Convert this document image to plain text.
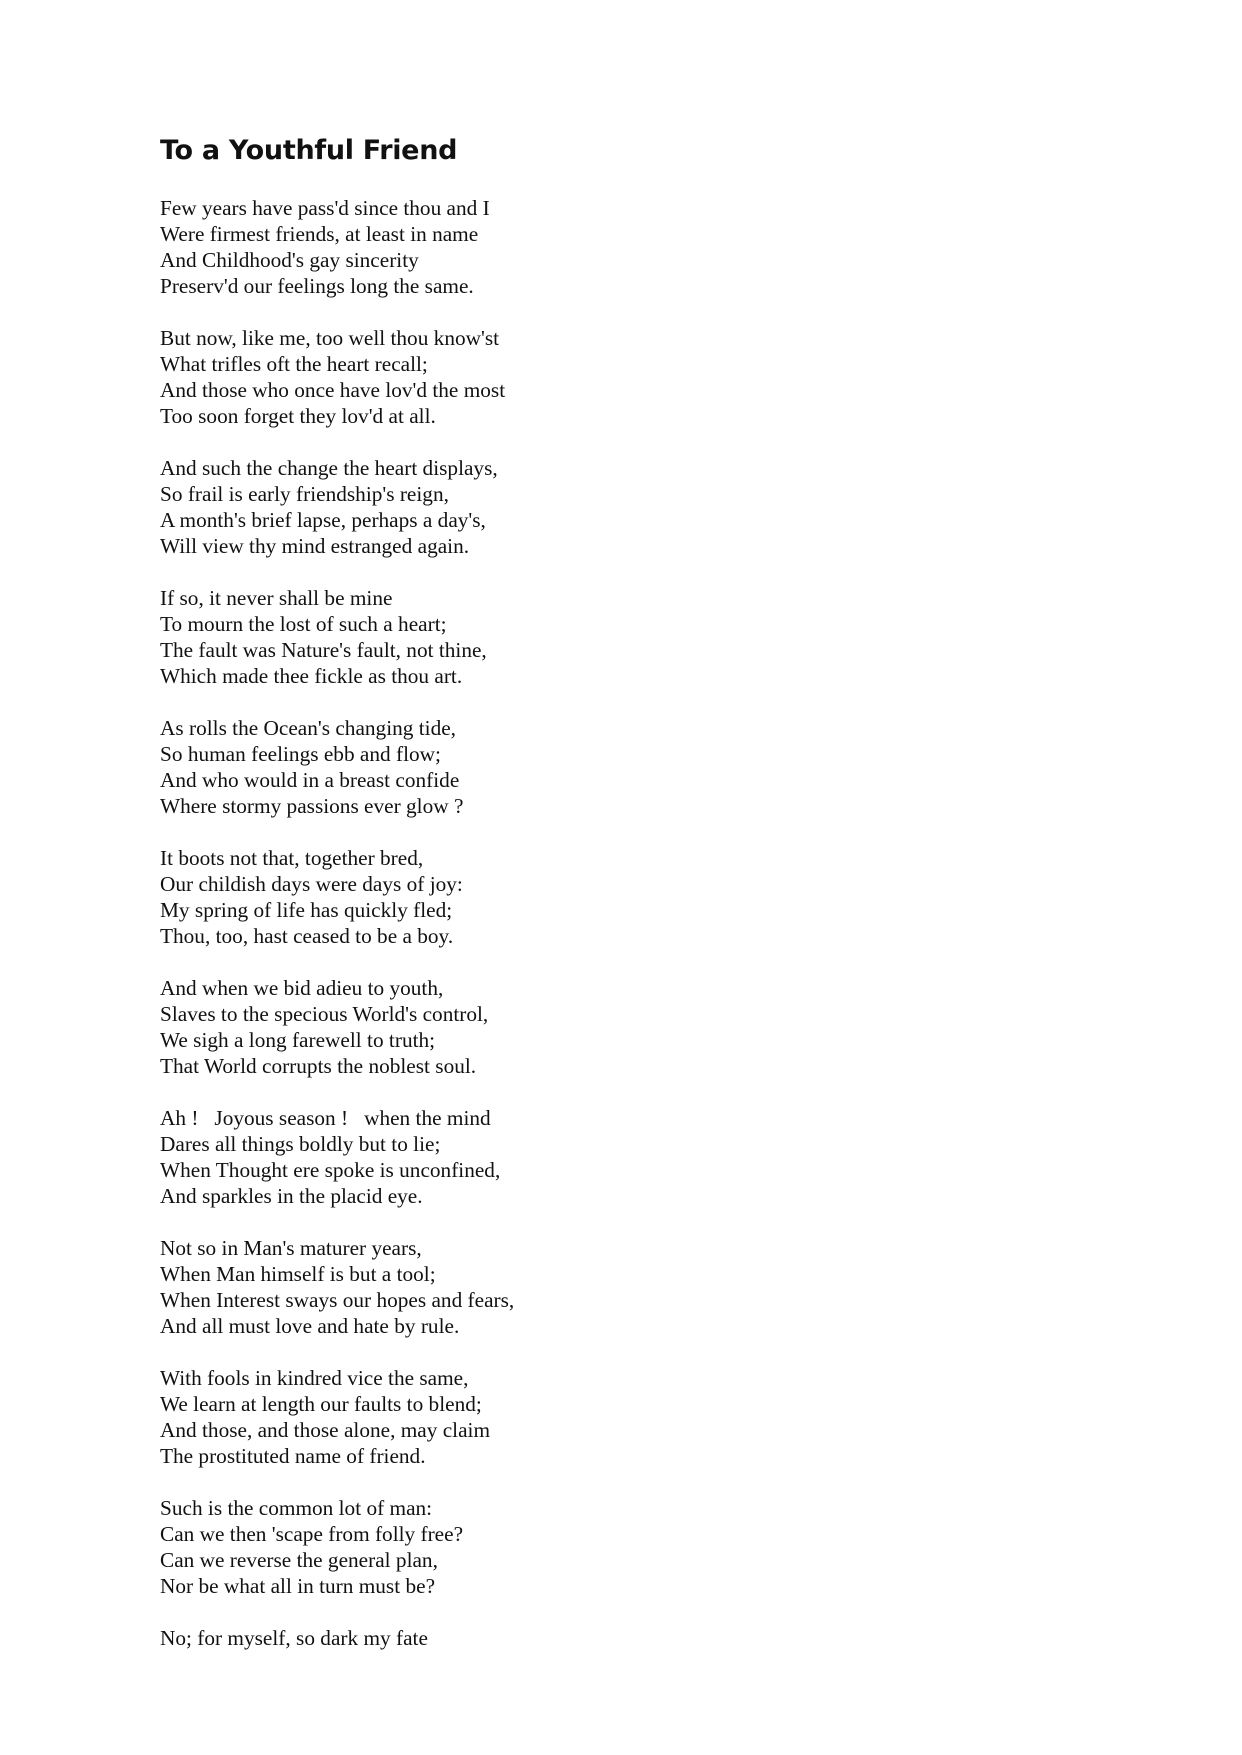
To a Youthful Friend
Few years have pass'd since thou and I
Were firmest friends, at least in name
And Childhood's gay sincerity
Preserv'd our feelings long the same.
But now, like me, too well thou know'st
What trifles oft the heart recall;
And those who once have lov'd the most
Too soon forget they lov'd at all.
And such the change the heart displays,
So frail is early friendship's reign,
A month's brief lapse, perhaps a day's,
Will view thy mind estranged again.
If so, it never shall be mine
To mourn the lost of such a heart;
The fault was Nature's fault, not thine,
Which made thee fickle as thou art.
As rolls the Ocean's changing tide,
So human feelings ebb and flow;
And who would in a breast confide
Where stormy passions ever glow ?
It boots not that, together bred,
Our childish days were days of joy:
My spring of life has quickly fled;
Thou, too, hast ceased to be a boy.
And when we bid adieu to youth,
Slaves to the specious World's control,
We sigh a long farewell to truth;
That World corrupts the noblest soul.
Ah !   Joyous season !   when the mind
Dares all things boldly but to lie;
When Thought ere spoke is unconfined,
And sparkles in the placid eye.
Not so in Man's maturer years,
When Man himself is but a tool;
When Interest sways our hopes and fears,
And all must love and hate by rule.
With fools in kindred vice the same,
We learn at length our faults to blend;
And those, and those alone, may claim
The prostituted name of friend.
Such is the common lot of man:
Can we then 'scape from folly free?
Can we reverse the general plan,
Nor be what all in turn must be?
No; for myself, so dark my fate
